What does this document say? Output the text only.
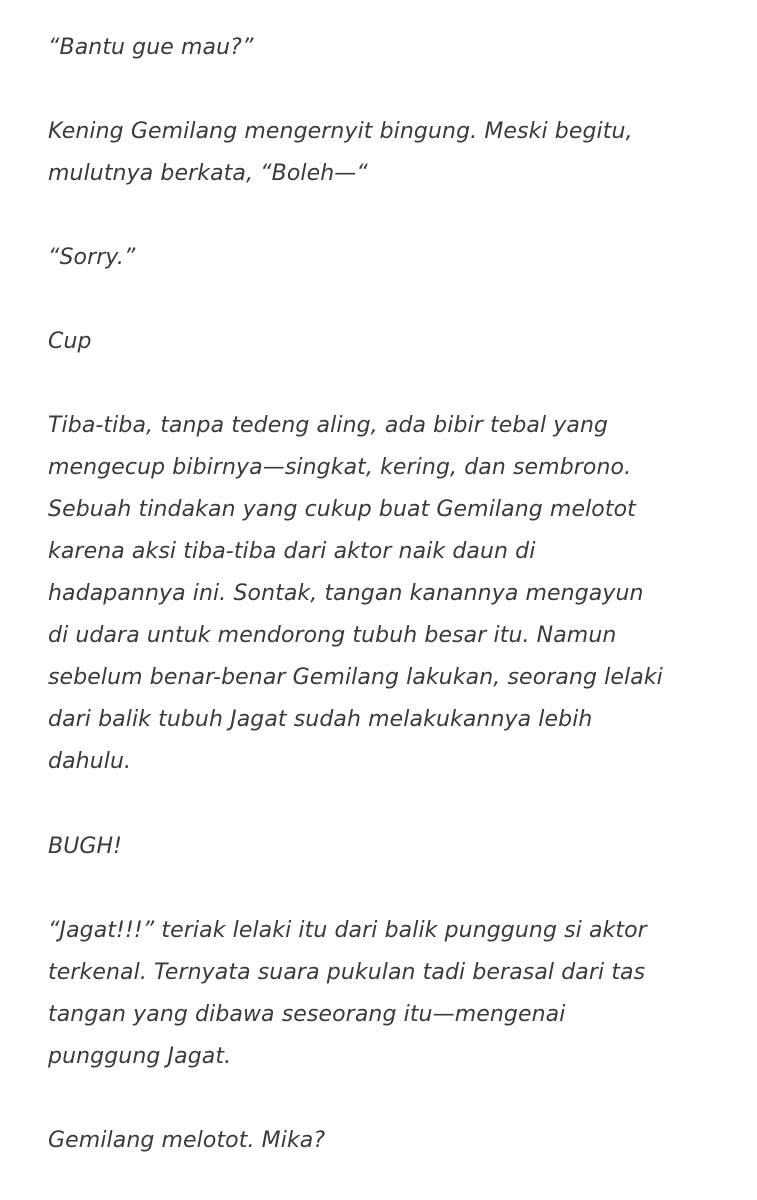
“Bantu gue mau?”

Kening Gemilang mengernyit bingung. Meski begitu,
mulutnya berkata, “Boleh—“

“Sorry.”

Cup

Tiba-tiba, tanpa tedeng aling, ada bibir tebal yang
mengecup bibirnya—singkat, kering, dan sembrono.
Sebuah tindakan yang cukup buat Gemilang melotot
karena aksi tiba-tiba dari aktor naik daun di
hadapannya ini. Sontak, tangan kanannya mengayun
di udara untuk mendorong tubuh besar itu. Namun
sebelum benar-benar Gemilang lakukan, seorang lelaki
dari balik tubuh Jagat sudah melakukannya lebih
dahulu.

BUGH!

“Jagat!!!” teriak lelaki itu dari balik punggung si aktor
terkenal. Ternyata suara pukulan tadi berasal dari tas
tangan yang dibawa seseorang itu—mengenai
punggung Jagat.

Gemilang melotot. Mika?
